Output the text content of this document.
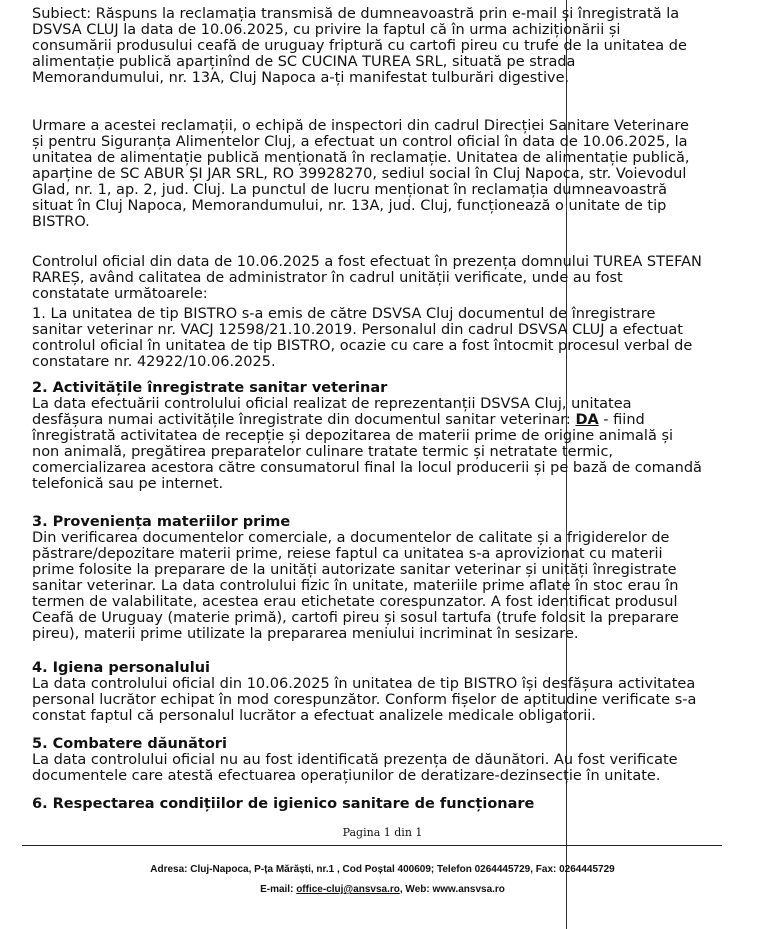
Subiect: Răspuns la reclamația transmisă de dumneavoastră prin e-mail și înregistrată la

DSVSA CLUJ la data de 10.06.2025, cu privire la faptul că în urma achiziționării și

consumării produsului ceafă de uruguay friptură cu cartofi pireu cu trufe de la unitatea de

alimentație publică aparținînd de SC CUCINA TUREA SRL, situată pe strada

Memorandumului, nr. 13A, Cluj Napoca a-ți manifestat tulburări digestive.

Urmare a acestei reclamații, o echipă de inspectori din cadrul Direcției Sanitare Veterinare

și pentru Siguranța Alimentelor Cluj, a efectuat un control oficial în data de 10.06.2025, la

unitatea de alimentație publică menționată în reclamație. Unitatea de alimentație publică,

aparține de SC ABUR ȘI JAR SRL, RO 39928270, sediul social în Cluj Napoca, str. Voievodul

Glad, nr. 1, ap. 2, jud. Cluj. La punctul de lucru menționat în reclamația dumneavoastră

situat în Cluj Napoca, Memorandumului, nr. 13A, jud. Cluj, funcționează o unitate de tip

BISTRO.

Controlul oficial din data de 10.06.2025 a fost efectuat în prezența domnului TUREA STEFAN

RAREȘ, având calitatea de administrator în cadrul unității verificate, unde au fost

constatate următoarele:

1. La unitatea de tip BISTRO s-a emis de către DSVSA Cluj documentul de înregistrare

sanitar veterinar nr. VACJ 12598/21.10.2019. Personalul din cadrul DSVSA CLUJ a efectuat

controlul oficial în unitatea de tip BISTRO, ocazie cu care a fost întocmit procesul verbal de

constatare nr. 42922/10.06.2025.

2. Activitățile înregistrate sanitar veterinar

La data efectuării controlului oficial realizat de reprezentanții DSVSA Cluj, unitatea

desfășura numai activitățile înregistrate din documentul sanitar veterinar: DA - fiind

înregistrată activitatea de recepție și depozitarea de materii prime de origine animală și

non animală, pregătirea preparatelor culinare tratate termic și netratate termic,

comercializarea acestora către consumatorul final la locul producerii și pe bază de comandă

telefonică sau pe internet.

3. Proveniența materiilor prime

Din verificarea documentelor comerciale, a documentelor de calitate și a frigiderelor de

păstrare/depozitare materii prime, reiese faptul ca unitatea s-a aprovizionat cu materii

prime folosite la preparare de la unități autorizate sanitar veterinar și unități înregistrate

sanitar veterinar. La data controlului fizic în unitate, materiile prime aflate în stoc erau în

termen de valabilitate, acestea erau etichetate corespunzator. A fost identificat produsul

Ceafă de Uruguay (materie primă), cartofi pireu și sosul tartufa (trufe folosit la preparare

pireu), materii prime utilizate la prepararea meniului incriminat în sesizare.

4. Igiena personalului

La data controlului oficial din 10.06.2025 în unitatea de tip BISTRO își desfășura activitatea

personal lucrător echipat în mod corespunzător. Conform fișelor de aptitudine verificate s-a

constat faptul că personalul lucrător a efectuat analizele medicale obligatorii.

5. Combatere dăunători

La data controlului oficial nu au fost identificată prezența de dăunători. Au fost verificate

documentele care atestă efectuarea operațiunilor de deratizare-dezinsecție în unitate.

6. Respectarea condițiilor de igienico sanitare de funcționare

Pagina 1 din 1
Adresa: Cluj-Napoca, P-ța Mărăști, nr.1 , Cod Poștal 400609; Telefon 0264445729, Fax: 0264445729
E-mail: office-cluj@ansvsa.ro, Web: www.ansvsa.ro
